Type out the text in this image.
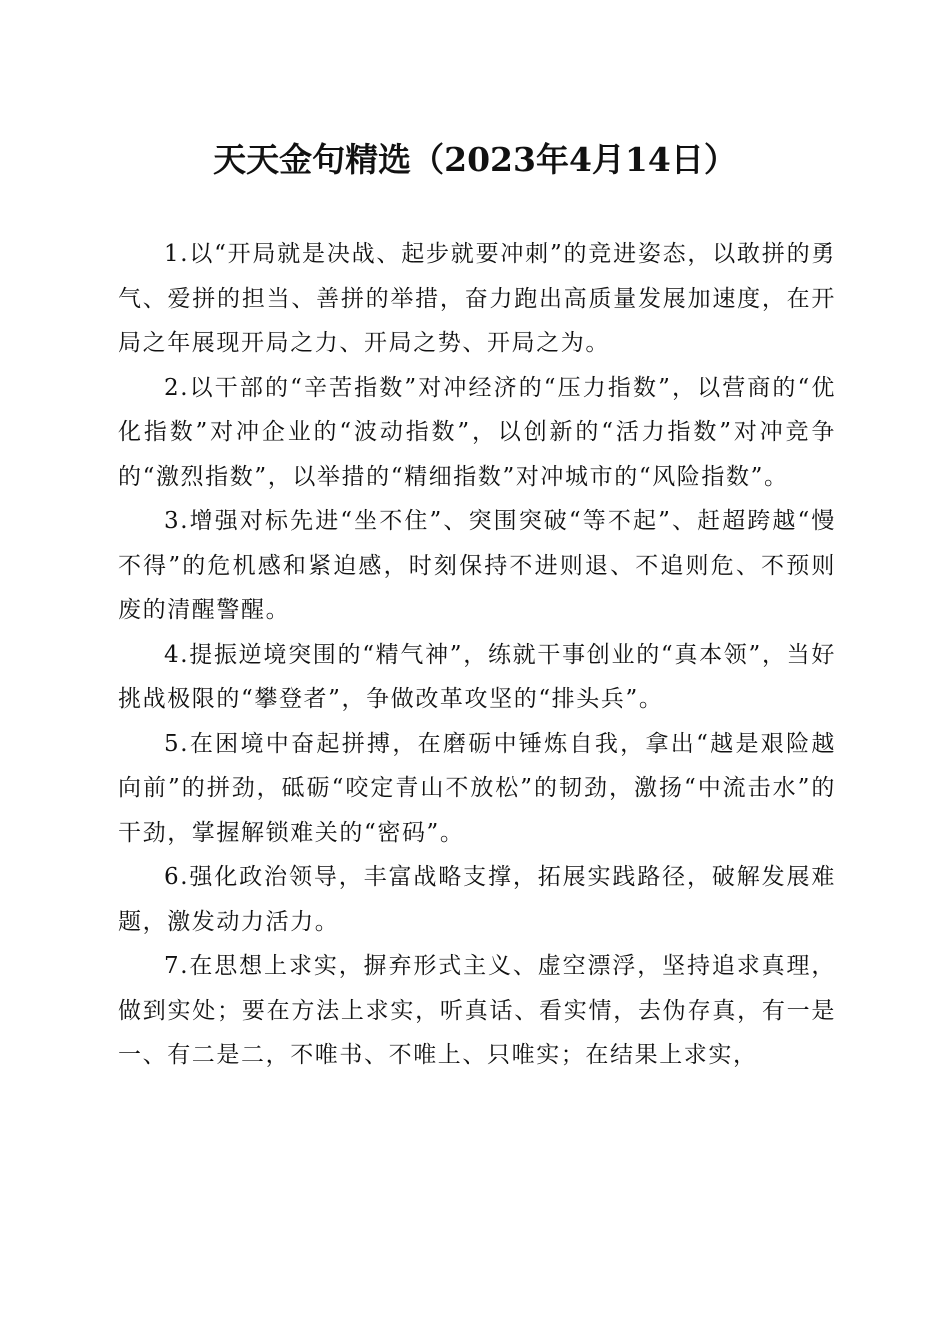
天天金句精选（2023年4月14日）

1.以“开局就是决战、起步就要冲刺”的竞进姿态，以敢拼的勇气、爱拼的担当、善拼的举措，奋力跑出高质量发展加速度，在开局之年展现开局之力、开局之势、开局之为。

2.以干部的“辛苦指数”对冲经济的“压力指数”，以营商的“优化指数”对冲企业的“波动指数”，以创新的“活力指数”对冲竞争的“激烈指数”，以举措的“精细指数”对冲城市的“风险指数”。

3.增强对标先进“坐不住”、突围突破“等不起”、赶超跨越“慢不得”的危机感和紧迫感，时刻保持不进则退、不追则危、不预则废的清醒警醒。

4.提振逆境突围的“精气神”，练就干事创业的“真本领”，当好挑战极限的“攀登者”，争做改革攻坚的“排头兵”。

5.在困境中奋起拼搏，在磨砺中锤炼自我，拿出“越是艰险越向前”的拼劲，砥砺“咬定青山不放松”的韧劲，激扬“中流击水”的干劲，掌握解锁难关的“密码”。

6.强化政治领导，丰富战略支撑，拓展实践路径，破解发展难题，激发动力活力。

7.在思想上求实，摒弃形式主义、虚空漂浮，坚持追求真理，做到实处；要在方法上求实，听真话、看实情，去伪存真，有一是一、有二是二，不唯书、不唯上、只唯实；在结果上求实，
